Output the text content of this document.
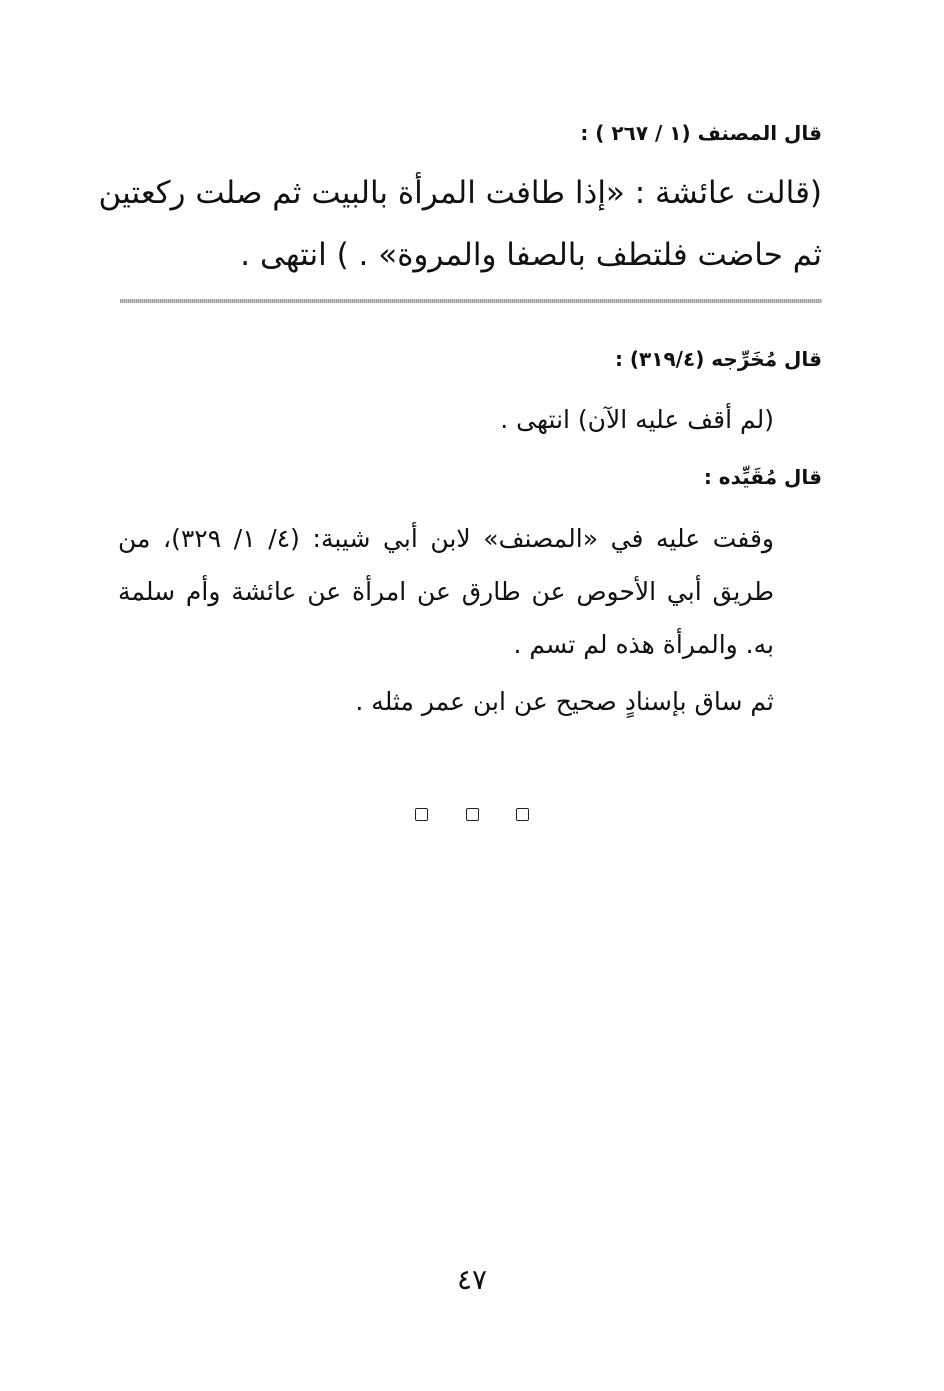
قال المصنف (١ / ٢٦٧ ) :

(قالت عائشة : «إذا طافت المرأة بالبيت ثم صلت ركعتين

ثم حاضت فلتطف بالصفا والمروة» . ) انتهى .

قال مُخَرِّجه (٣١٩/٤) :

(لم أقف عليه الآن) انتهى .

قال مُقَيِّده :

وقفت عليه في «المصنف» لابن أبي شيبة: (٤/ ١/ ٣٢٩)، من طريق أبي الأحوص عن طارق عن امرأة عن عائشة وأم سلمة به. والمرأة هذه لم تسم .

ثم ساق بإسنادٍ صحيح عن ابن عمر مثله .

٤٧
